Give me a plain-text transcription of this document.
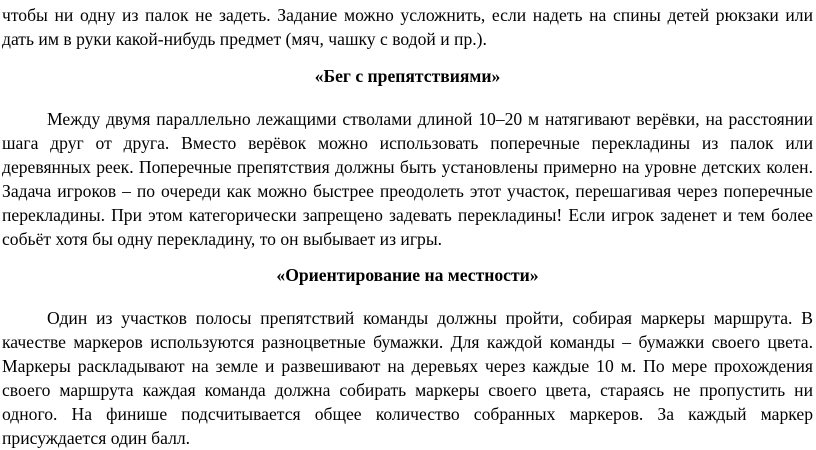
чтобы ни одну из палок не задеть. Задание можно усложнить, если надеть на спины детей рюкзаки или дать им в руки какой-нибудь предмет (мяч, чашку с водой и пр.).

«Бег с препятствиями»

Между двумя параллельно лежащими стволами длиной 10–20 м натягивают верёвки, на расстоянии шага друг от друга. Вместо верёвок можно использовать поперечные перекладины из палок или деревянных реек. Поперечные препятствия должны быть установлены примерно на уровне детских колен. Задача игроков – по очереди как можно быстрее преодолеть этот участок, перешагивая через поперечные перекладины. При этом категорически запрещено задевать перекладины! Если игрок заденет и тем более собьёт хотя бы одну перекладину, то он выбывает из игры.

«Ориентирование на местности»

Один из участков полосы препятствий команды должны пройти, собирая маркеры маршрута. В качестве маркеров используются разноцветные бумажки. Для каждой команды – бумажки своего цвета. Маркеры раскладывают на земле и развешивают на деревьях через каждые 10 м. По мере прохождения своего маршрута каждая команда должна собирать маркеры своего цвета, стараясь не пропустить ни одного. На финише подсчитывается общее количество собранных маркеров. За каждый маркер присуждается один балл.
